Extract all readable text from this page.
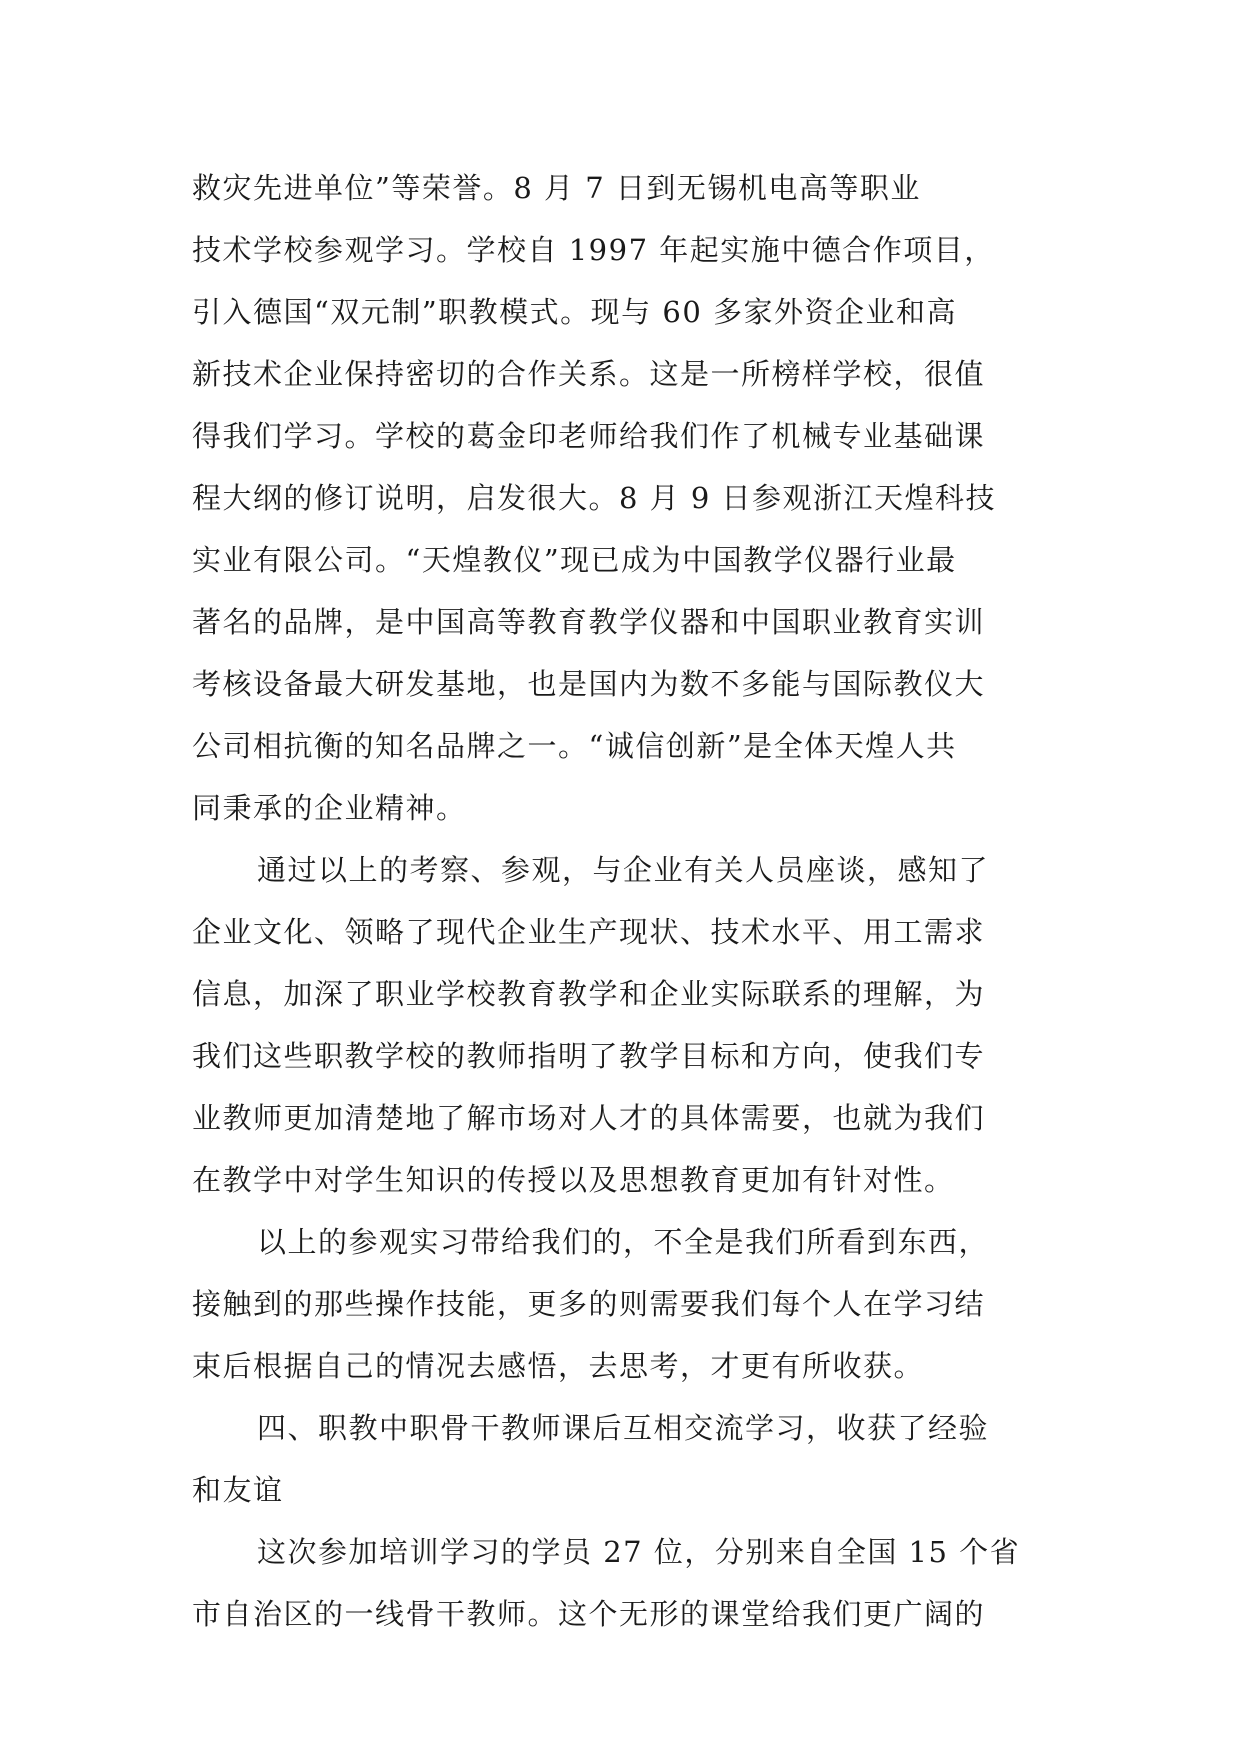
救灾先进单位”等荣誉。8 月 7 日到无锡机电高等职业
技术学校参观学习。学校自 1997 年起实施中德合作项目，
引入德国“双元制”职教模式。现与 60 多家外资企业和高
新技术企业保持密切的合作关系。这是一所榜样学校，很值
得我们学习。学校的葛金印老师给我们作了机械专业基础课
程大纲的修订说明，启发很大。8 月 9 日参观浙江天煌科技
实业有限公司。“天煌教仪”现已成为中国教学仪器行业最
著名的品牌，是中国高等教育教学仪器和中国职业教育实训
考核设备最大研发基地，也是国内为数不多能与国际教仪大
公司相抗衡的知名品牌之一。“诚信创新”是全体天煌人共
同秉承的企业精神。
通过以上的考察、参观，与企业有关人员座谈，感知了
企业文化、领略了现代企业生产现状、技术水平、用工需求
信息，加深了职业学校教育教学和企业实际联系的理解，为
我们这些职教学校的教师指明了教学目标和方向，使我们专
业教师更加清楚地了解市场对人才的具体需要，也就为我们
在教学中对学生知识的传授以及思想教育更加有针对性。
以上的参观实习带给我们的，不全是我们所看到东西，
接触到的那些操作技能，更多的则需要我们每个人在学习结
束后根据自己的情况去感悟，去思考，才更有所收获。
四、职教中职骨干教师课后互相交流学习，收获了经验
和友谊
这次参加培训学习的学员 27 位，分别来自全国 15 个省
市自治区的一线骨干教师。这个无形的课堂给我们更广阔的
